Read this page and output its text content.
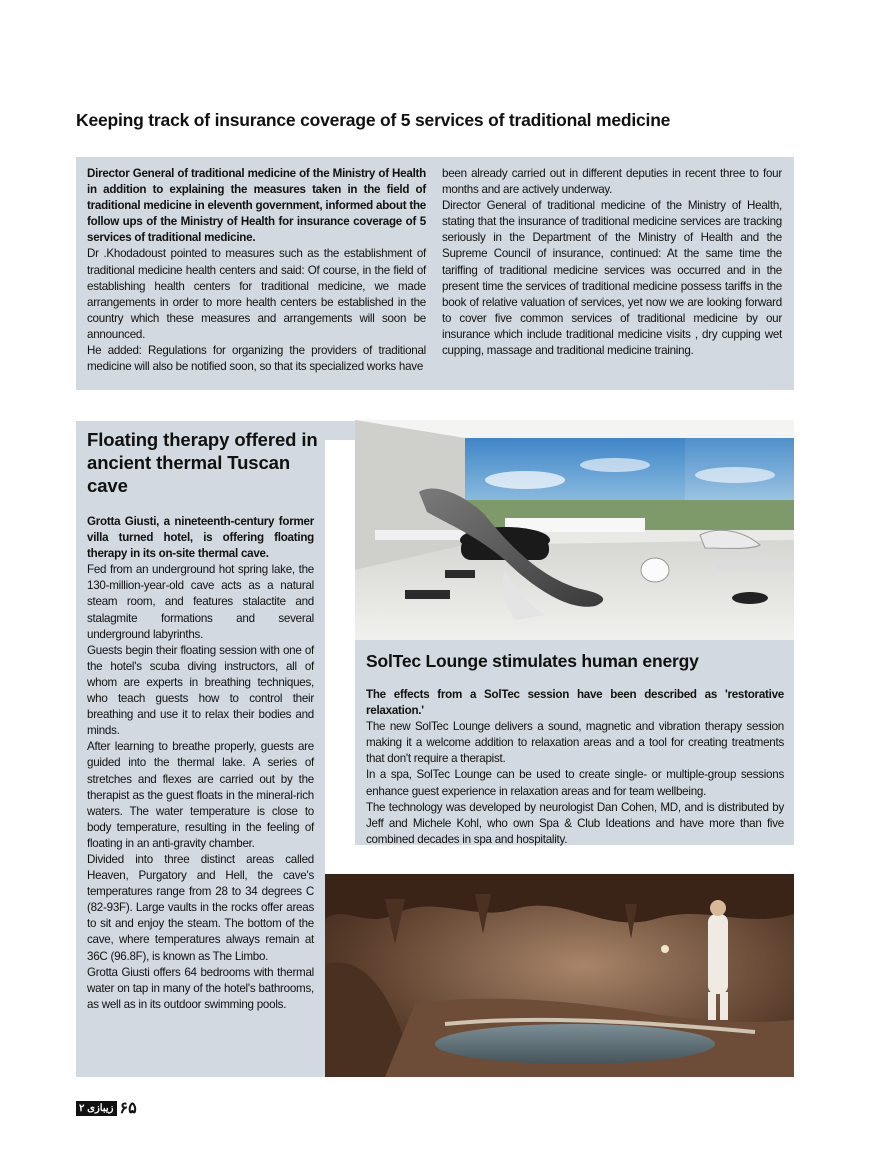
Keeping track of insurance coverage of 5 services of traditional medicine

Director General of traditional medicine of the Ministry of Health in addition to explaining the measures taken in the field of traditional medicine in eleventh government, informed about the follow ups of the Ministry of Health for insurance coverage of 5 services of traditional medicine.

Dr .Khodadoust pointed to measures such as the establishment of traditional medicine health centers and said: Of course, in the field of establishing health centers for traditional medicine, we made arrangements in order to more health centers be established in the country which these measures and arrangements will soon be announced.

He added: Regulations for organizing the providers of traditional medicine will also be notified soon, so that its specialized works have

been already carried out in different deputies in recent three to four months and are actively underway.

Director General of traditional medicine of the Ministry of Health, stating that the insurance of traditional medicine services are tracking seriously in the Department of the Ministry of Health and the Supreme Council of insurance, continued: At the same time the tariffing of traditional medicine services was occurred and in the present time the services of traditional medicine possess tariffs in the book of relative valuation of services, yet now we are looking forward to cover five common services of traditional medicine by our insurance which include traditional medicine visits , dry cupping wet cupping, massage and traditional medicine training.

Floating therapy offered in ancient thermal Tuscan cave

Grotta Giusti, a nineteenth-century former villa turned hotel, is offering floating therapy in its on-site thermal cave.

Fed from an underground hot spring lake, the 130-million-year-old cave acts as a natural steam room, and features stalactite and stalagmite formations and several underground labyrinths.

Guests begin their floating session with one of the hotel's scuba diving instructors, all of whom are experts in breathing techniques, who teach guests how to control their breathing and use it to relax their bodies and minds.

After learning to breathe properly, guests are guided into the thermal lake. A series of stretches and flexes are carried out by the therapist as the guest floats in the mineral-rich waters. The water temperature is close to body temperature, resulting in the feeling of floating in an anti-gravity chamber.

Divided into three distinct areas called Heaven, Purgatory and Hell, the cave's temperatures range from 28 to 34 degrees C (82-93F). Large vaults in the rocks offer areas to sit and enjoy the steam. The bottom of the cave, where temperatures always remain at 36C (96.8F), is known as The Limbo.

Grotta Giusti offers 64 bedrooms with thermal water on tap in many of the hotel's bathrooms, as well as in its outdoor swimming pools.

SolTec Lounge stimulates human energy

The effects from a SolTec session have been described as 'restorative relaxation.'

The new SolTec Lounge delivers a sound, magnetic and vibration therapy session making it a welcome addition to relaxation areas and a tool for creating treatments that don't require a therapist.

In a spa, SolTec Lounge can be used to create single- or multiple-group sessions enhance guest experience in relaxation areas and for team wellbeing.

The technology was developed by neurologist Dan Cohen, MD, and is distributed by Jeff and Michele Kohl, who own Spa & Club Ideations and have more than five combined decades in spa and hospitality.

زیبازی ۲ ۶۵
